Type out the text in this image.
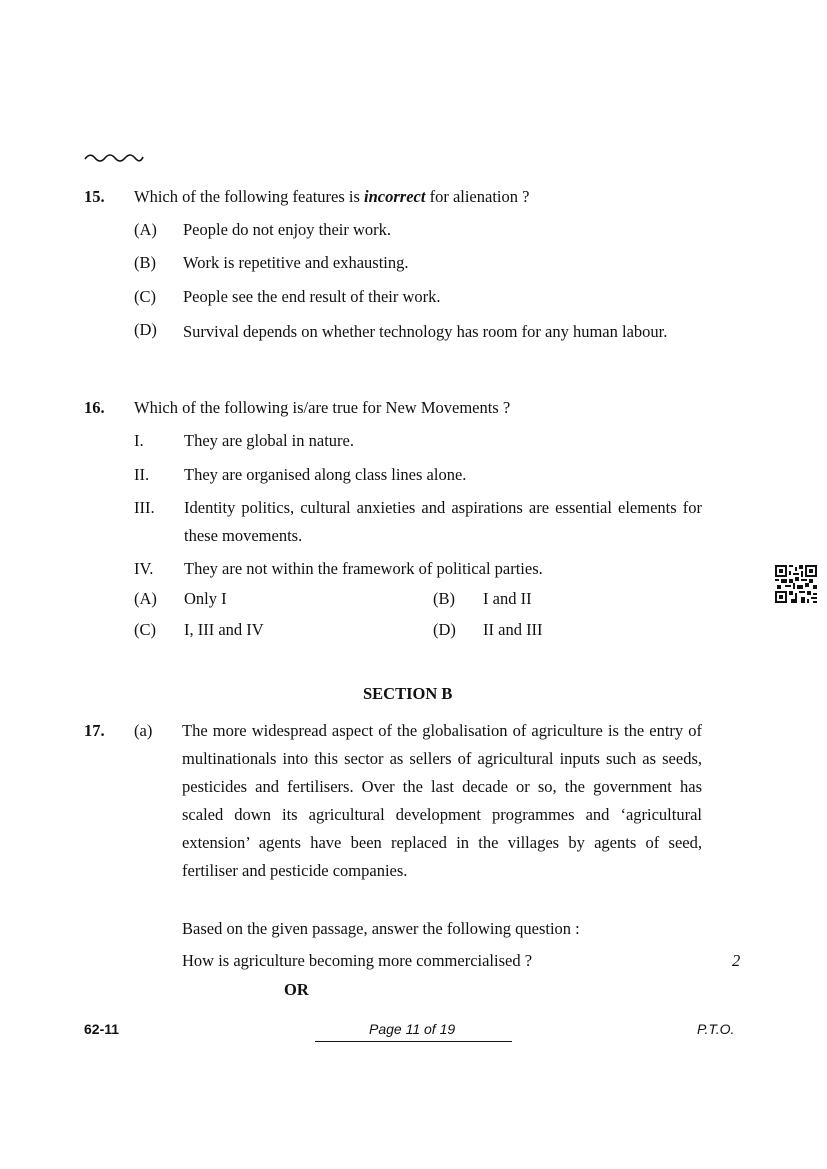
15. Which of the following features is incorrect for alienation ?
(A) People do not enjoy their work.
(B) Work is repetitive and exhausting.
(C) People see the end result of their work.
(D) Survival depends on whether technology has room for any human labour.
16. Which of the following is/are true for New Movements ?
I. They are global in nature.
II. They are organised along class lines alone.
III. Identity politics, cultural anxieties and aspirations are essential elements for these movements.
IV. They are not within the framework of political parties.
(A) Only I	(B) I and II
(C) I, III and IV	(D) II and III
SECTION B
17. (a) The more widespread aspect of the globalisation of agriculture is the entry of multinationals into this sector as sellers of agricultural inputs such as seeds, pesticides and fertilisers. Over the last decade or so, the government has scaled down its agricultural development programmes and ‘agricultural extension’ agents have been replaced in the villages by agents of seed, fertiliser and pesticide companies.
Based on the given passage, answer the following question :
How is agriculture becoming more commercialised ?	2
OR
62-11	Page 11 of 19	P.T.O.
